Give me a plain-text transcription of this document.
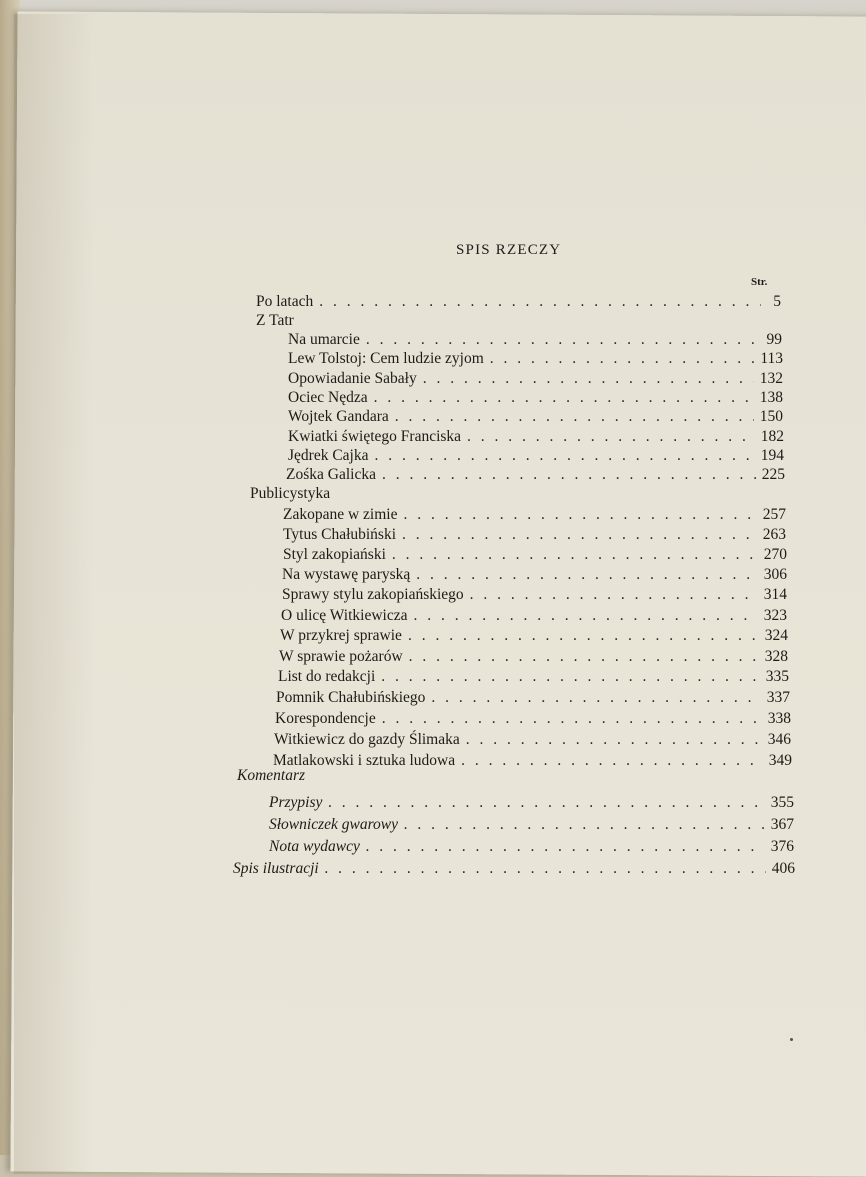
SPIS RZECZY
Str.
Po latach . . .	5
Z Tatr
Na umarcie . . .	99
Lew Tolstoj: Cem ludzie zyjom . . .	113
Opowiadanie Sabały . . .	132
Ociec Nędza . . .	138
Wojtek Gandara . . .	150
Kwiatki świętego Franciska . . .	182
Jędrek Cajka . . .	194
Zośka Galicka . . .	225
Publicystyka
Zakopane w zimie . . .	257
Tytus Chałubiński . . .	263
Styl zakopiański . . .	270
Na wystawę paryską . . .	306
Sprawy stylu zakopiańskiego . . .	314
O ulicę Witkiewicza . . .	323
W przykrej sprawie . . .	324
W sprawie pożarów . . .	328
List do redakcji . . .	335
Pomnik Chałubińskiego . . .	337
Korespondencje . . .	338
Witkiewicz do gazdy Ślimaka . . .	346
Matlakowski i sztuka ludowa . . .	349
Komentarz
Przypisy . . .	355
Słowniczek gwarowy . . .	367
Nota wydawcy . . .	376
Spis ilustracji . . .	406
